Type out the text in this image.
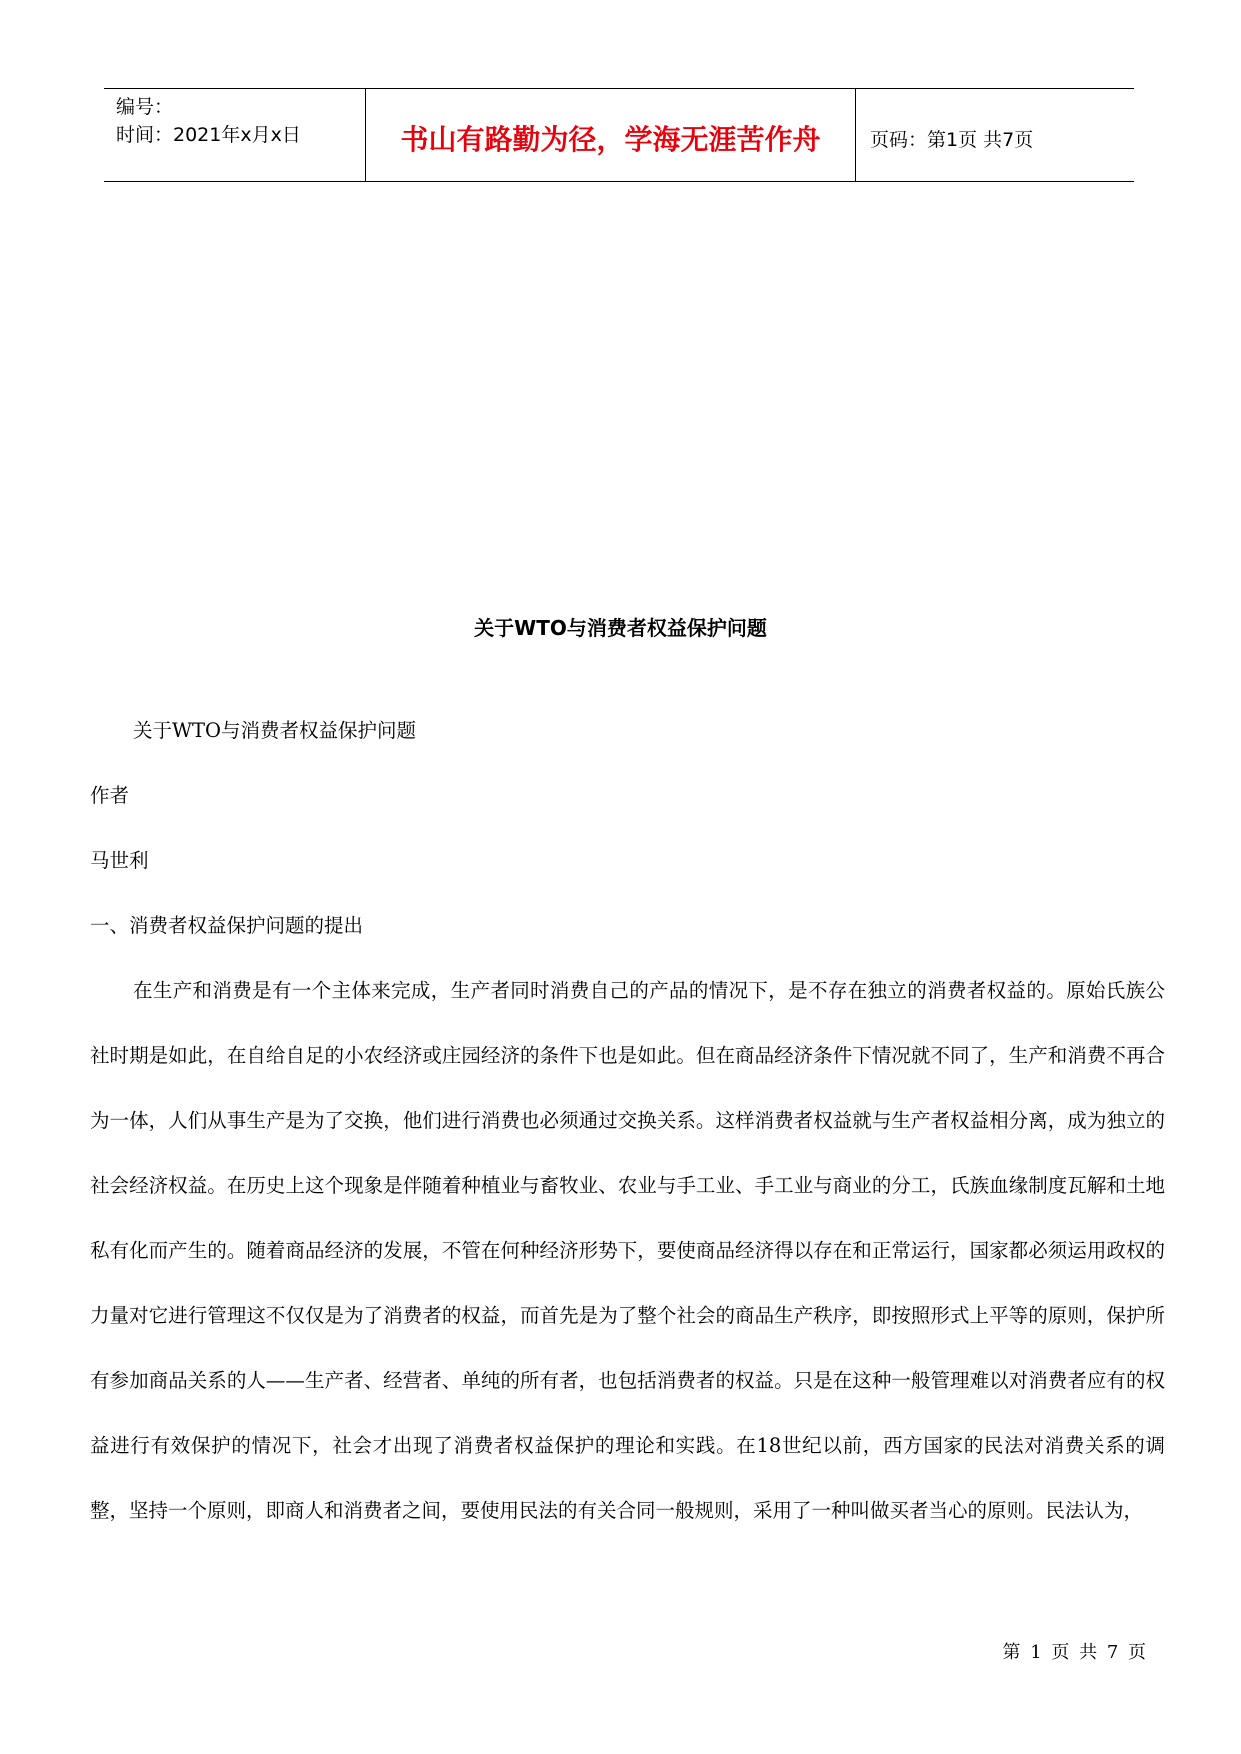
编号：
时间：2021年x月x日	书山有路勤为径，学海无涯苦作舟	页码：第1页 共7页
关于WTO与消费者权益保护问题

关于WTO与消费者权益保护问题

作者

马世利

一、消费者权益保护问题的提出

在生产和消费是有一个主体来完成，生产者同时消费自己的产品的情况下，是不存在独立的消费者权益的。原始氏族公社时期是如此，在自给自足的小农经济或庄园经济的条件下也是如此。但在商品经济条件下情况就不同了，生产和消费不再合为一体，人们从事生产是为了交换，他们进行消费也必须通过交换关系。这样消费者权益就与生产者权益相分离，成为独立的社会经济权益。在历史上这个现象是伴随着种植业与畜牧业、农业与手工业、手工业与商业的分工，氏族血缘制度瓦解和土地私有化而产生的。随着商品经济的发展，不管在何种经济形势下，要使商品经济得以存在和正常运行，国家都必须运用政权的力量对它进行管理这不仅仅是为了消费者的权益，而首先是为了整个社会的商品生产秩序，即按照形式上平等的原则，保护所有参加商品关系的人——生产者、经营者、单纯的所有者，也包括消费者的权益。只是在这种一般管理难以对消费者应有的权益进行有效保护的情况下，社会才出现了消费者权益保护的理论和实践。在18世纪以前，西方国家的民法对消费关系的调整，坚持一个原则，即商人和消费者之间，要使用民法的有关合同一般规则，采用了一种叫做买者当心的原则。民法认为，

第 1 页 共 7 页
